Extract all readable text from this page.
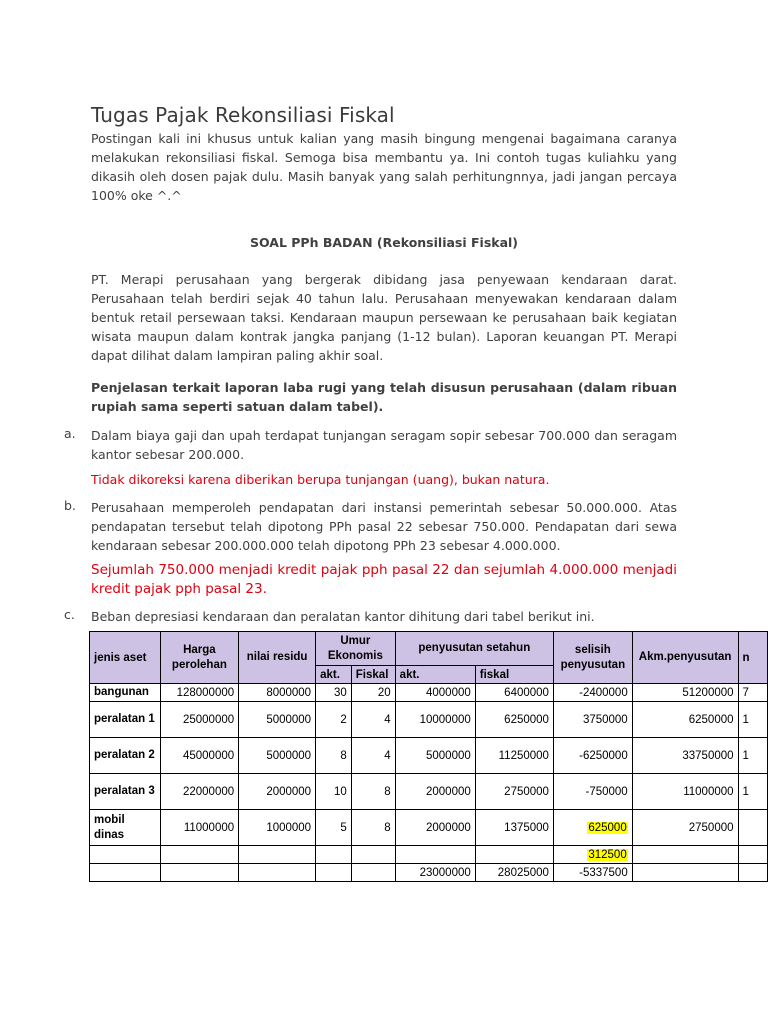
Tugas Pajak Rekonsiliasi Fiskal
Postingan kali ini khusus untuk kalian yang masih bingung mengenai bagaimana caranya melakukan rekonsiliasi fiskal. Semoga bisa membantu ya. Ini contoh tugas kuliahku yang dikasih oleh dosen pajak dulu. Masih banyak yang salah perhitungnnya, jadi jangan percaya 100% oke ^.^
SOAL PPh BADAN (Rekonsiliasi Fiskal)
PT. Merapi perusahaan yang bergerak dibidang jasa penyewaan kendaraan darat. Perusahaan telah berdiri sejak 40 tahun lalu. Perusahaan menyewakan kendaraan dalam bentuk retail persewaan taksi. Kendaraan maupun persewaan ke perusahaan baik kegiatan wisata maupun dalam kontrak jangka panjang (1-12 bulan). Laporan keuangan PT. Merapi dapat dilihat dalam lampiran paling akhir soal.
Penjelasan terkait laporan laba rugi yang telah disusun perusahaan (dalam ribuan rupiah sama seperti satuan dalam tabel).
a. Dalam biaya gaji dan upah terdapat tunjangan seragam sopir sebesar 700.000 dan seragam kantor sebesar 200.000.
Tidak dikoreksi karena diberikan berupa tunjangan (uang), bukan natura.
b. Perusahaan memperoleh pendapatan dari instansi pemerintah sebesar 50.000.000. Atas pendapatan tersebut telah dipotong PPh pasal 22 sebesar 750.000. Pendapatan dari sewa kendaraan sebesar 200.000.000 telah dipotong PPh 23 sebesar 4.000.000.
Sejumlah 750.000 menjadi kredit pajak pph pasal 22 dan sejumlah 4.000.000 menjadi kredit pajak pph pasal 23.
c. Beban depresiasi kendaraan dan peralatan kantor dihitung dari tabel berikut ini.
jenis aset	Harga perolehan	nilai residu	Umur Ekonomis		penyusutan setahun		selisih penyusutan	Akm.penyusutan	n
			akt.	Fiskal	akt.	fiskal			
bangunan	128000000	8000000	30	20	4000000	6400000	-2400000	51200000	7
peralatan 1	25000000	5000000	2	4	10000000	6250000	3750000	6250000	1
peralatan 2	45000000	5000000	8	4	5000000	11250000	-6250000	33750000	1
peralatan 3	22000000	2000000	10	8	2000000	2750000	-750000	11000000	1
mobil dinas	11000000	1000000	5	8	2000000	1375000	625000	2750000	
							312500		
					23000000	28025000	-5337500		
